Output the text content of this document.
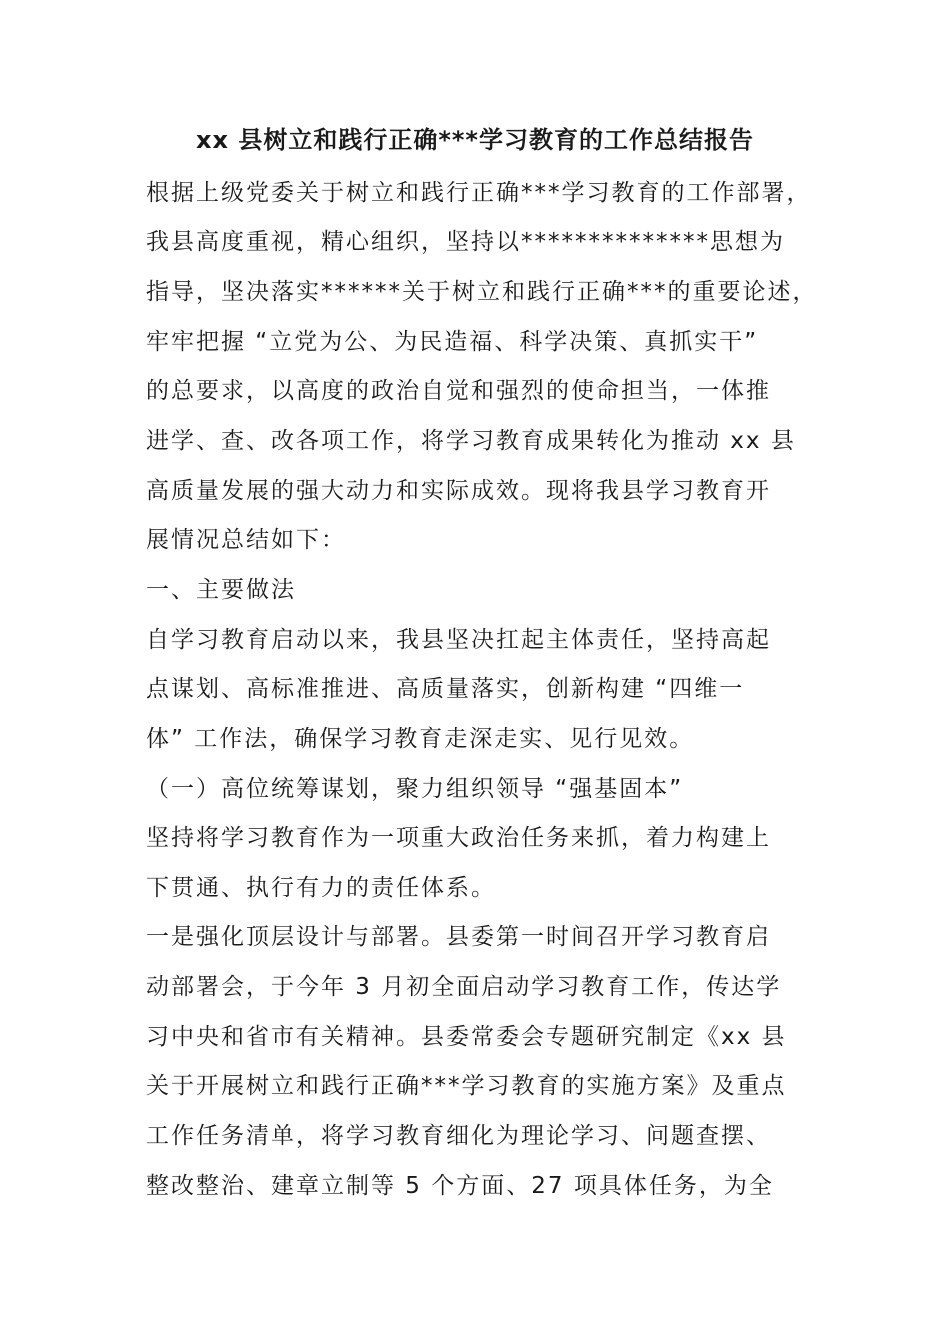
xx 县树立和践行正确***学习教育的工作总结报告
根据上级党委关于树立和践行正确***学习教育的工作部署，
我县高度重视，精心组织，坚持以**************思想为
指导，坚决落实******关于树立和践行正确***的重要论述，
牢牢把握 “立党为公、为民造福、科学决策、真抓实干”
的总要求，以高度的政治自觉和强烈的使命担当，一体推
进学、查、改各项工作，将学习教育成果转化为推动 xx 县
高质量发展的强大动力和实际成效。现将我县学习教育开
展情况总结如下：
一、主要做法
自学习教育启动以来，我县坚决扛起主体责任，坚持高起
点谋划、高标准推进、高质量落实，创新构建 “四维一
体” 工作法，确保学习教育走深走实、见行见效。
（一）高位统筹谋划，聚力组织领导 “强基固本”
坚持将学习教育作为一项重大政治任务来抓，着力构建上
下贯通、执行有力的责任体系。
一是强化顶层设计与部署。县委第一时间召开学习教育启
动部署会，于今年 3 月初全面启动学习教育工作，传达学
习中央和省市有关精神。县委常委会专题研究制定《xx 县
关于开展树立和践行正确***学习教育的实施方案》及重点
工作任务清单，将学习教育细化为理论学习、问题查摆、
整改整治、建章立制等 5 个方面、27 项具体任务，为全
